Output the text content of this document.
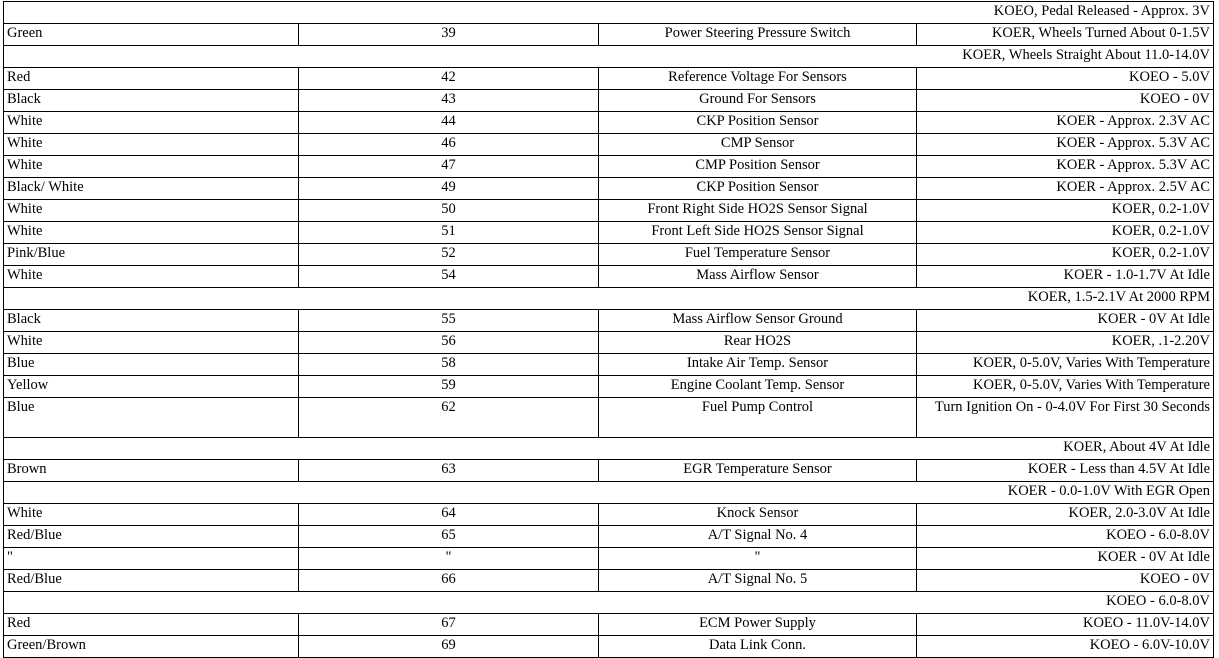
KOEO, Pedal Released - Approx. 3V			
Green	39	Power Steering Pressure Switch	KOER, Wheels Turned About 0-1.5V
KOER, Wheels Straight About 11.0-14.0V			
Red	42	Reference Voltage For Sensors	KOEO - 5.0V
Black	43	Ground For Sensors	KOEO - 0V
White	44	CKP Position Sensor	KOER - Approx. 2.3V AC
White	46	CMP Sensor	KOER - Approx. 5.3V AC
White	47	CMP Position Sensor	KOER - Approx. 5.3V AC
Black/ White	49	CKP Position Sensor	KOER - Approx. 2.5V AC
White	50	Front Right Side HO2S Sensor Signal	KOER, 0.2-1.0V
White	51	Front Left Side HO2S Sensor Signal	KOER, 0.2-1.0V
Pink/Blue	52	Fuel Temperature Sensor	KOER, 0.2-1.0V
White	54	Mass Airflow Sensor	KOER - 1.0-1.7V At Idle
KOER, 1.5-2.1V At 2000 RPM			
Black	55	Mass Airflow Sensor Ground	KOER - 0V At Idle
White	56	Rear HO2S	KOER, .1-2.20V
Blue	58	Intake Air Temp. Sensor	KOER, 0-5.0V, Varies With Temperature
Yellow	59	Engine Coolant Temp. Sensor	KOER, 0-5.0V, Varies With Temperature
Blue	62	Fuel Pump Control	Turn Ignition On - 0-4.0V For First 30 Seconds
KOER, About 4V At Idle			
Brown	63	EGR Temperature Sensor	KOER - Less than 4.5V At Idle
KOER - 0.0-1.0V With EGR Open			
White	64	Knock Sensor	KOER, 2.0-3.0V At Idle
Red/Blue	65	A/T Signal No. 4	KOEO - 6.0-8.0V
"	"	"	KOER - 0V At Idle
Red/Blue	66	A/T Signal No. 5	KOEO - 0V
KOEO - 6.0-8.0V			
Red	67	ECM Power Supply	KOEO - 11.0V-14.0V
Green/Brown	69	Data Link Conn.	KOEO - 6.0V-10.0V
